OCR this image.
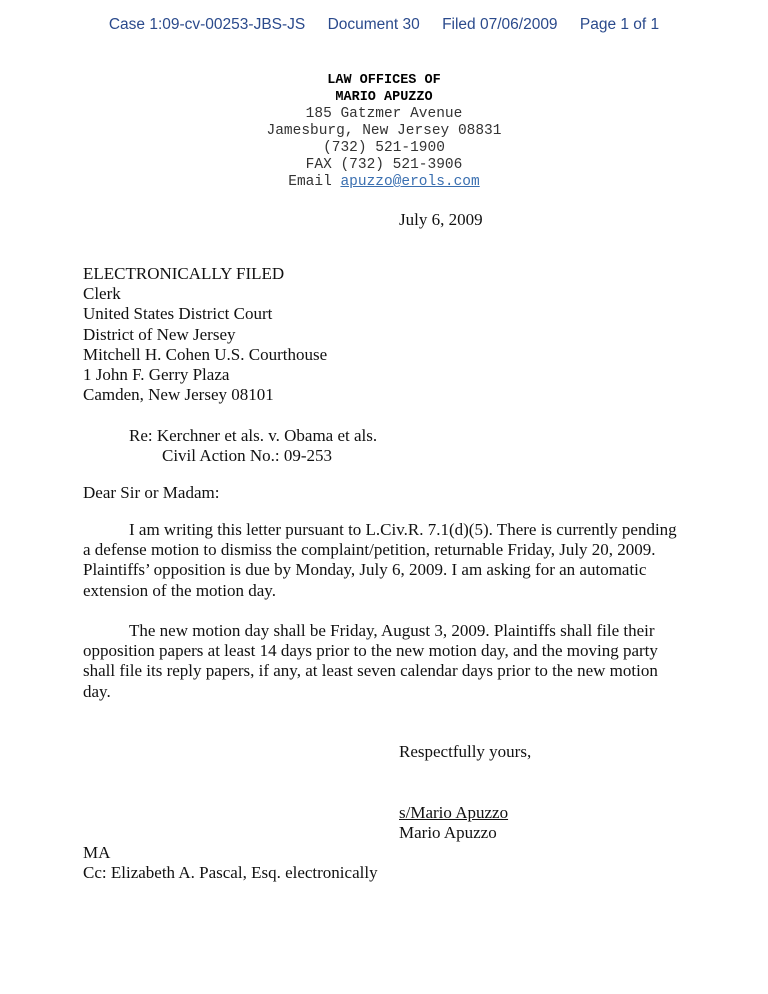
Case 1:09-cv-00253-JBS-JS Document 30 Filed 07/06/2009 Page 1 of 1
LAW OFFICES OF
MARIO APUZZO
185 Gatzmer Avenue
Jamesburg, New Jersey 08831
(732) 521-1900
FAX (732) 521-3906
Email apuzzo@erols.com
July 6, 2009
ELECTRONICALLY FILED
Clerk
United States District Court
District of New Jersey
Mitchell H. Cohen U.S. Courthouse
1 John F. Gerry Plaza
Camden, New Jersey 08101
Re: Kerchner et als. v. Obama et als.
Civil Action No.: 09-253
Dear Sir or Madam:
I am writing this letter pursuant to L.Civ.R. 7.1(d)(5). There is currently pending a defense motion to dismiss the complaint/petition, returnable Friday, July 20, 2009. Plaintiffs’ opposition is due by Monday, July 6, 2009. I am asking for an automatic extension of the motion day.
The new motion day shall be Friday, August 3, 2009. Plaintiffs shall file their opposition papers at least 14 days prior to the new motion day, and the moving party shall file its reply papers, if any, at least seven calendar days prior to the new motion day.
Respectfully yours,
s/Mario Apuzzo
Mario Apuzzo
MA
Cc: Elizabeth A. Pascal, Esq. electronically
